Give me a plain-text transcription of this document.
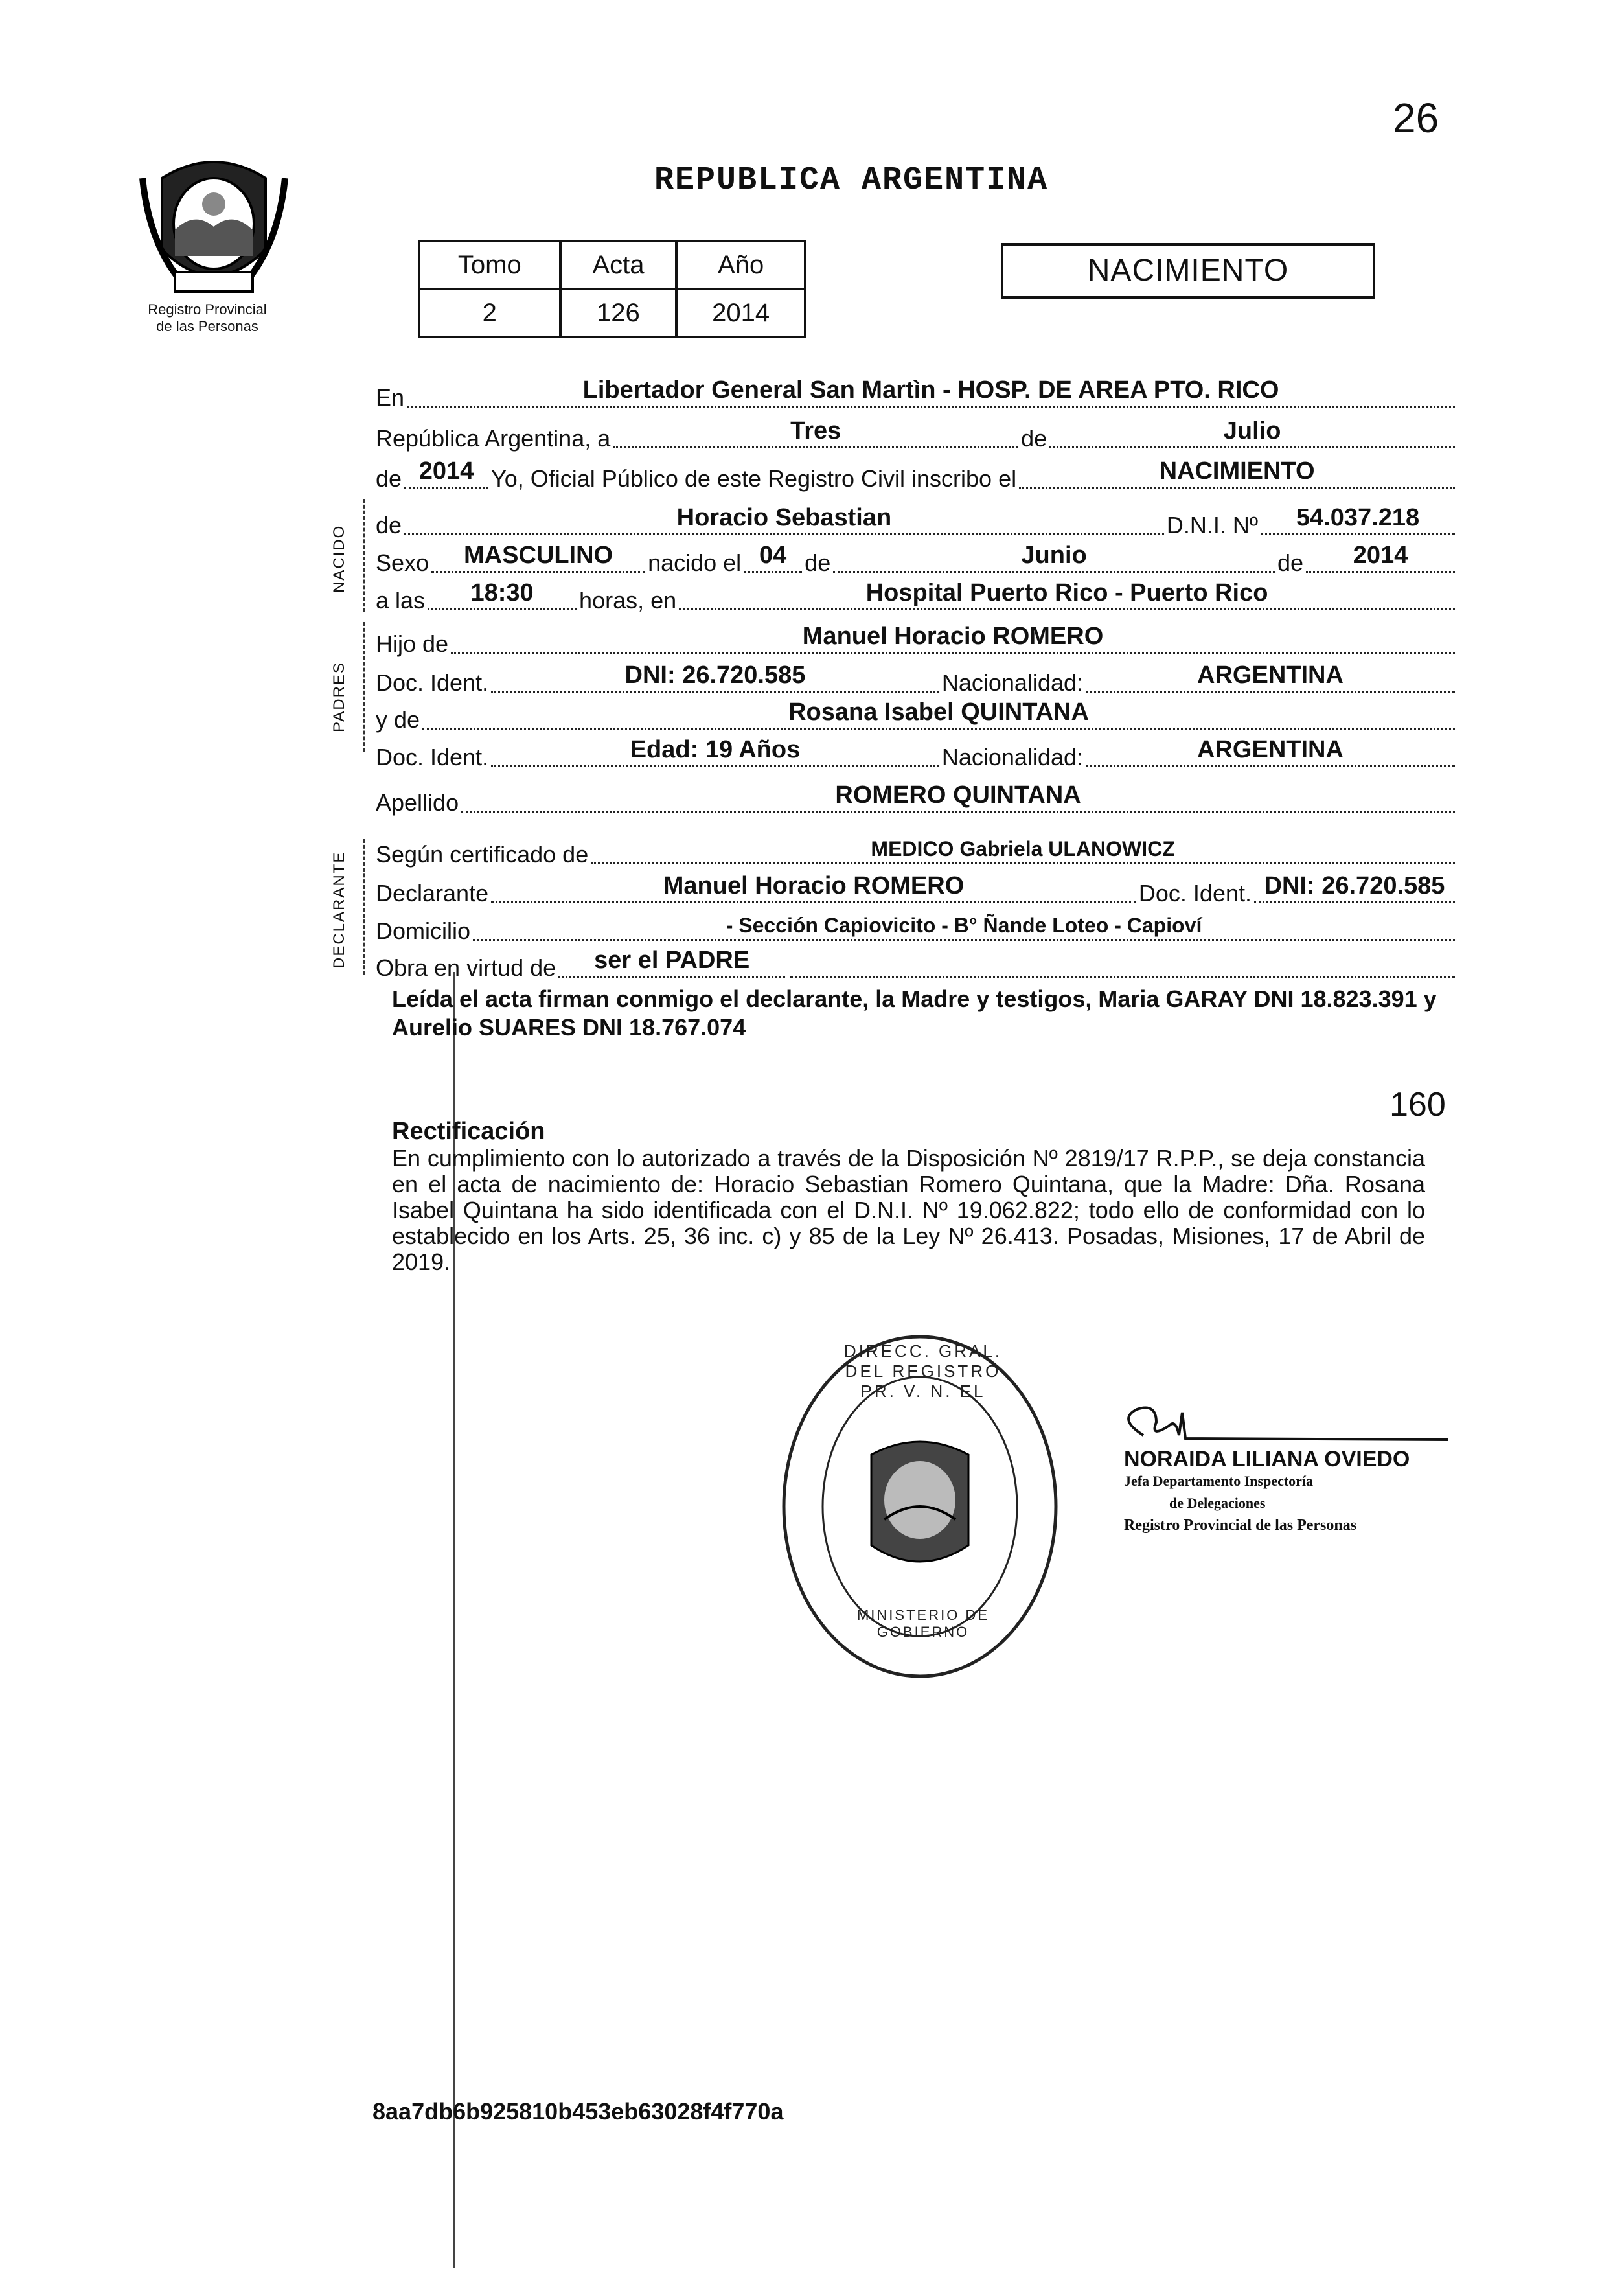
26
Registro Provincial
de las Personas
REPUBLICA ARGENTINA
Tomo	Acta	Año
2	126	2014
NACIMIENTO
NACIDO
PADRES
DECLARANTE
En	Libertador General San Martìn - HOSP. DE AREA PTO. RICO
República Argentina, a	Tres	de	Julio
de 2014 Yo, Oficial Público de este Registro Civil inscribo el	NACIMIENTO
de	Horacio Sebastian	D.N.I. Nº	54.037.218
Sexo	MASCULINO	nacido el 04 de	Junio	de	2014
a las	18:30	horas, en	Hospital Puerto Rico - Puerto Rico
Hijo de	Manuel Horacio ROMERO
Doc. Ident.	DNI: 26.720.585	Nacionalidad:	ARGENTINA
y de	Rosana Isabel QUINTANA
Doc. Ident.	Edad: 19 Años	Nacionalidad:	ARGENTINA
Apellido	ROMERO QUINTANA
Según certificado de	MEDICO Gabriela ULANOWICZ
Declarante	Manuel Horacio ROMERO	Doc. Ident. DNI: 26.720.585
Domicilio	- Sección Capiovicito - B° Ñande Loteo - Capioví
Obra en virtud de	ser el PADRE
Leída el acta firman conmigo el declarante, la Madre y testigos, Maria GARAY DNI 18.823.391 y Aurelio SUARES DNI 18.767.074
160
Rectificación
En cumplimiento con lo autorizado a través de la Disposición Nº 2819/17 R.P.P., se deja constancia en el acta de nacimiento de: Horacio Sebastian Romero Quintana, que la Madre: Dña. Rosana Isabel Quintana ha sido identificada con el D.N.I. Nº 19.062.822; todo ello de conformidad con lo establecido en los Arts. 25, 36 inc. c) y 85 de la Ley Nº 26.413. Posadas, Misiones, 17 de Abril de 2019.
DIRECC. GRAL. DEL REGISTRO PR. V. N. EL
MINISTERIO DE GOBIERNO
NORAIDA LILIANA OVIEDO
Jefa Departamento Inspectoría
de Delegaciones
Registro Provincial de las Personas
8aa7db6b925810b453eb63028f4f770a
